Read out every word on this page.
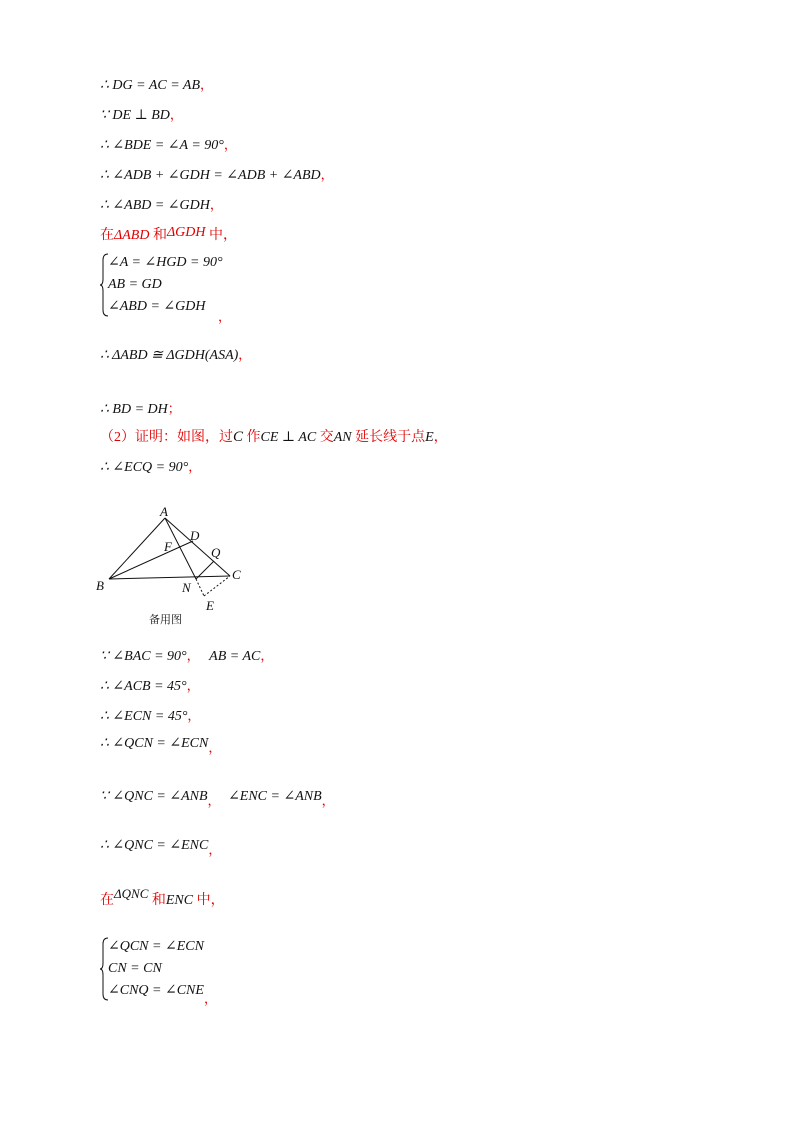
∴ DG = AC = AB，
∵ DE ⊥ BD，
∴ ∠BDE = ∠A = 90°，
∴ ∠ADB + ∠GDH = ∠ADB + ∠ABD，
∴ ∠ABD = ∠GDH，
在ΔABD 和ΔGDH 中，
∠A = ∠HGD = 90°
AB = GD
∠ABD = ∠GDH
，
∴ ΔABD ≅ ΔGDH(ASA)，
∴ BD = DH；
（2）证明：如图，过C 作CE ⊥ AC 交AN 延长线于点E，
∴ ∠ECQ = 90°，
A
B
C
D
E
F
N
Q
备用图
∵ ∠BAC = 90°， AB = AC，
∴ ∠ACB = 45°，
∴ ∠ECN = 45°，
∴ ∠QCN = ∠ECN，
∵ ∠QNC = ∠ANB， ∠ENC = ∠ANB，
∴ ∠QNC = ∠ENC，
在ΔQNC 和ENC 中，
∠QCN = ∠ECN
CN = CN
∠CNQ = ∠CNE
，
